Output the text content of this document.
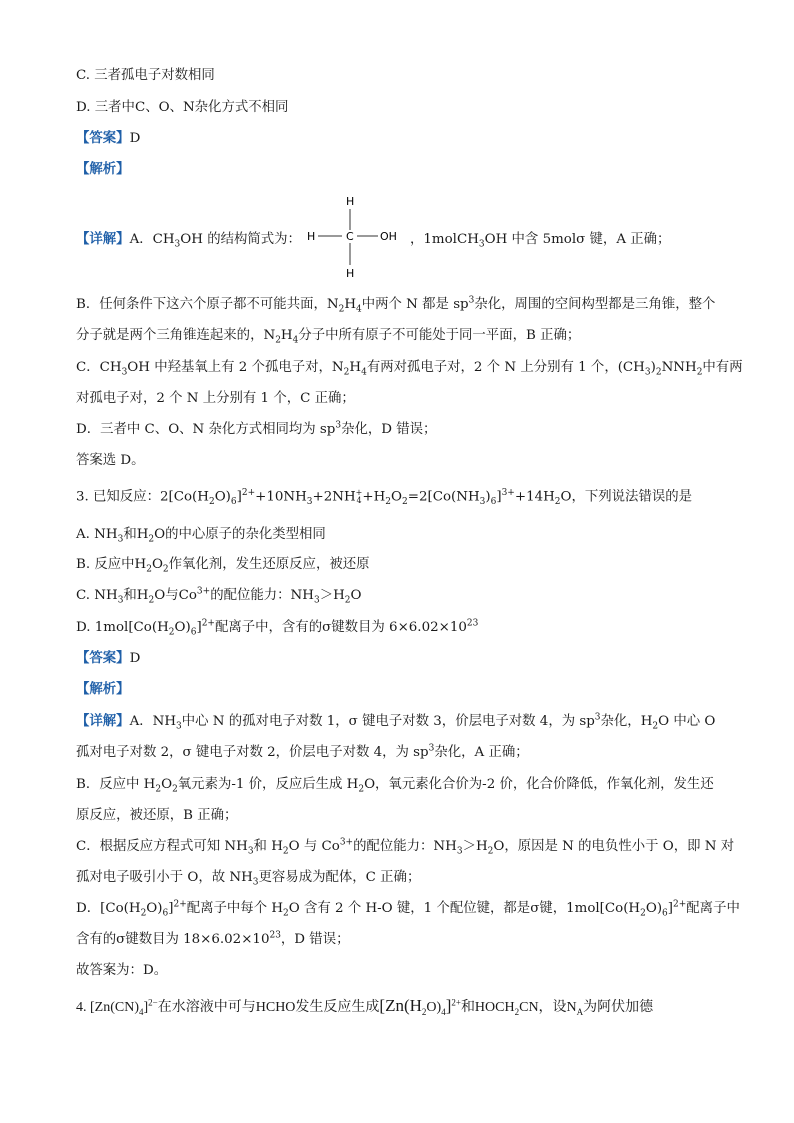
C. 三者孤电子对数相同
D. 三者中C、O、N杂化方式不相同
【答案】D
【解析】
【详解】A．$CH_3OH$ 的结构简式为：
H
H	C OH
H
，1molCH$_3$OH 中含 5molσ 键，A 正确；
B．任何条件下这六个原子都不可能共面，$N_2H_4$中两个 N 都是 $sp^3$杂化，周围的空间构型都是三角锥，整个
分子就是两个三角锥连起来的，$N_2H_4$分子中所有原子不可能处于同一平面，B 正确；
C．$CH_3OH$ 中羟基氧上有 2 个孤电子对，$N_2H_4$有两对孤电子对，2 个 N 上分别有 1 个，$(CH_3)_2NNH_2$中有两
对孤电子对，2 个 N 上分别有 1 个，C 正确；
D．三者中 C、O、N 杂化方式相同均为 $sp^3$杂化，D 错误；
答案选 D。
3. 已知反应：$2[Co(H_2O)_6]^{2+}+10NH_3+2NH$ +
$4 +H_2O_2=2[Co(NH_3)_6]^{3+}+14H_2O$，下列说法错误的是
A. $NH_3$和$H_2O$的中心原子的杂化类型相同
B. 反应中$H_2O_2$作氧化剂，发生还原反应，被还原
C. $NH_3$和$H_2O$与$Co^{3+}$的配位能力：$NH_3>H_2O$
D. $1mol[Co(H_2O)_6]^{2+}$配离子中，含有的σ键数目为 $6\times 6.02\times 10^{23}$
【答案】D
【解析】
【详解】A．$NH_3$中心 N 的孤对电子对数 1，σ 键电子对数 3，价层电子对数 4，为 $sp^3$杂化，$H_2O$ 中心 O
孤对电子对数 2，σ 键电子对数 2，价层电子对数 4，为 $sp^3$杂化，A 正确；
B．反应中 $H_2O_2$氧元素为-1 价，反应后生成 $H_2O$，氧元素化合价为-2 价，化合价降低，作氧化剂，发生还
原反应，被还原，B 正确；
C．根据反应方程式可知 $NH_3$和 $H_2O$ 与 $Co^{3+}$的配位能力：$NH_3>H_2O$，原因是 N 的电负性小于 O，即 N 对
孤对电子吸引小于 O，故 $NH_3$更容易成为配体，C 正确；
D．$[Co(H_2O)_6]^{2+}$配离子中每个 $H_2O$ 含有 2 个 H-O 键，1 个配位键，都是σ键，$1mol[Co(H_2O)_6]^{2+}$配离子中
含有的σ键数目为 $18\times 6.02\times 10^{23}$，D 错误；
故答案为：D。
4. $[Zn(CN)_4]^{2-}$在水溶液中可与HCHO发生反应生成$[Zn(H_2O)_4]^{2+}$和$HOCH_2CN$，设$N_A$为阿伏加德
